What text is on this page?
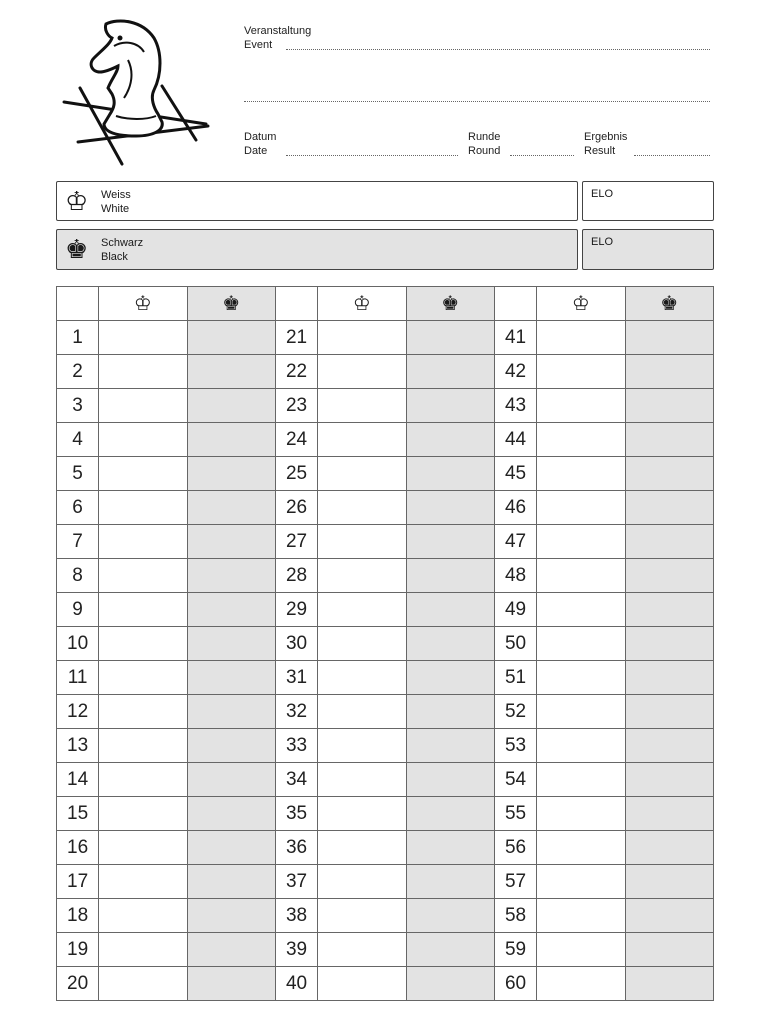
Veranstaltung
Event
Datum
Date
Runde
Round
Ergebnis
Result
♔ Weiss
White
ELO
♚ Schwarz
Black
ELO
	♔	♚		♔	♚		♔	♚
1			21			41		
2			22			42		
3			23			43		
4			24			44		
5			25			45		
6			26			46		
7			27			47		
8			28			48		
9			29			49		
10			30			50		
11			31			51		
12			32			52		
13			33			53		
14			34			54		
15			35			55		
16			36			56		
17			37			57		
18			38			58		
19			39			59		
20			40			60		
